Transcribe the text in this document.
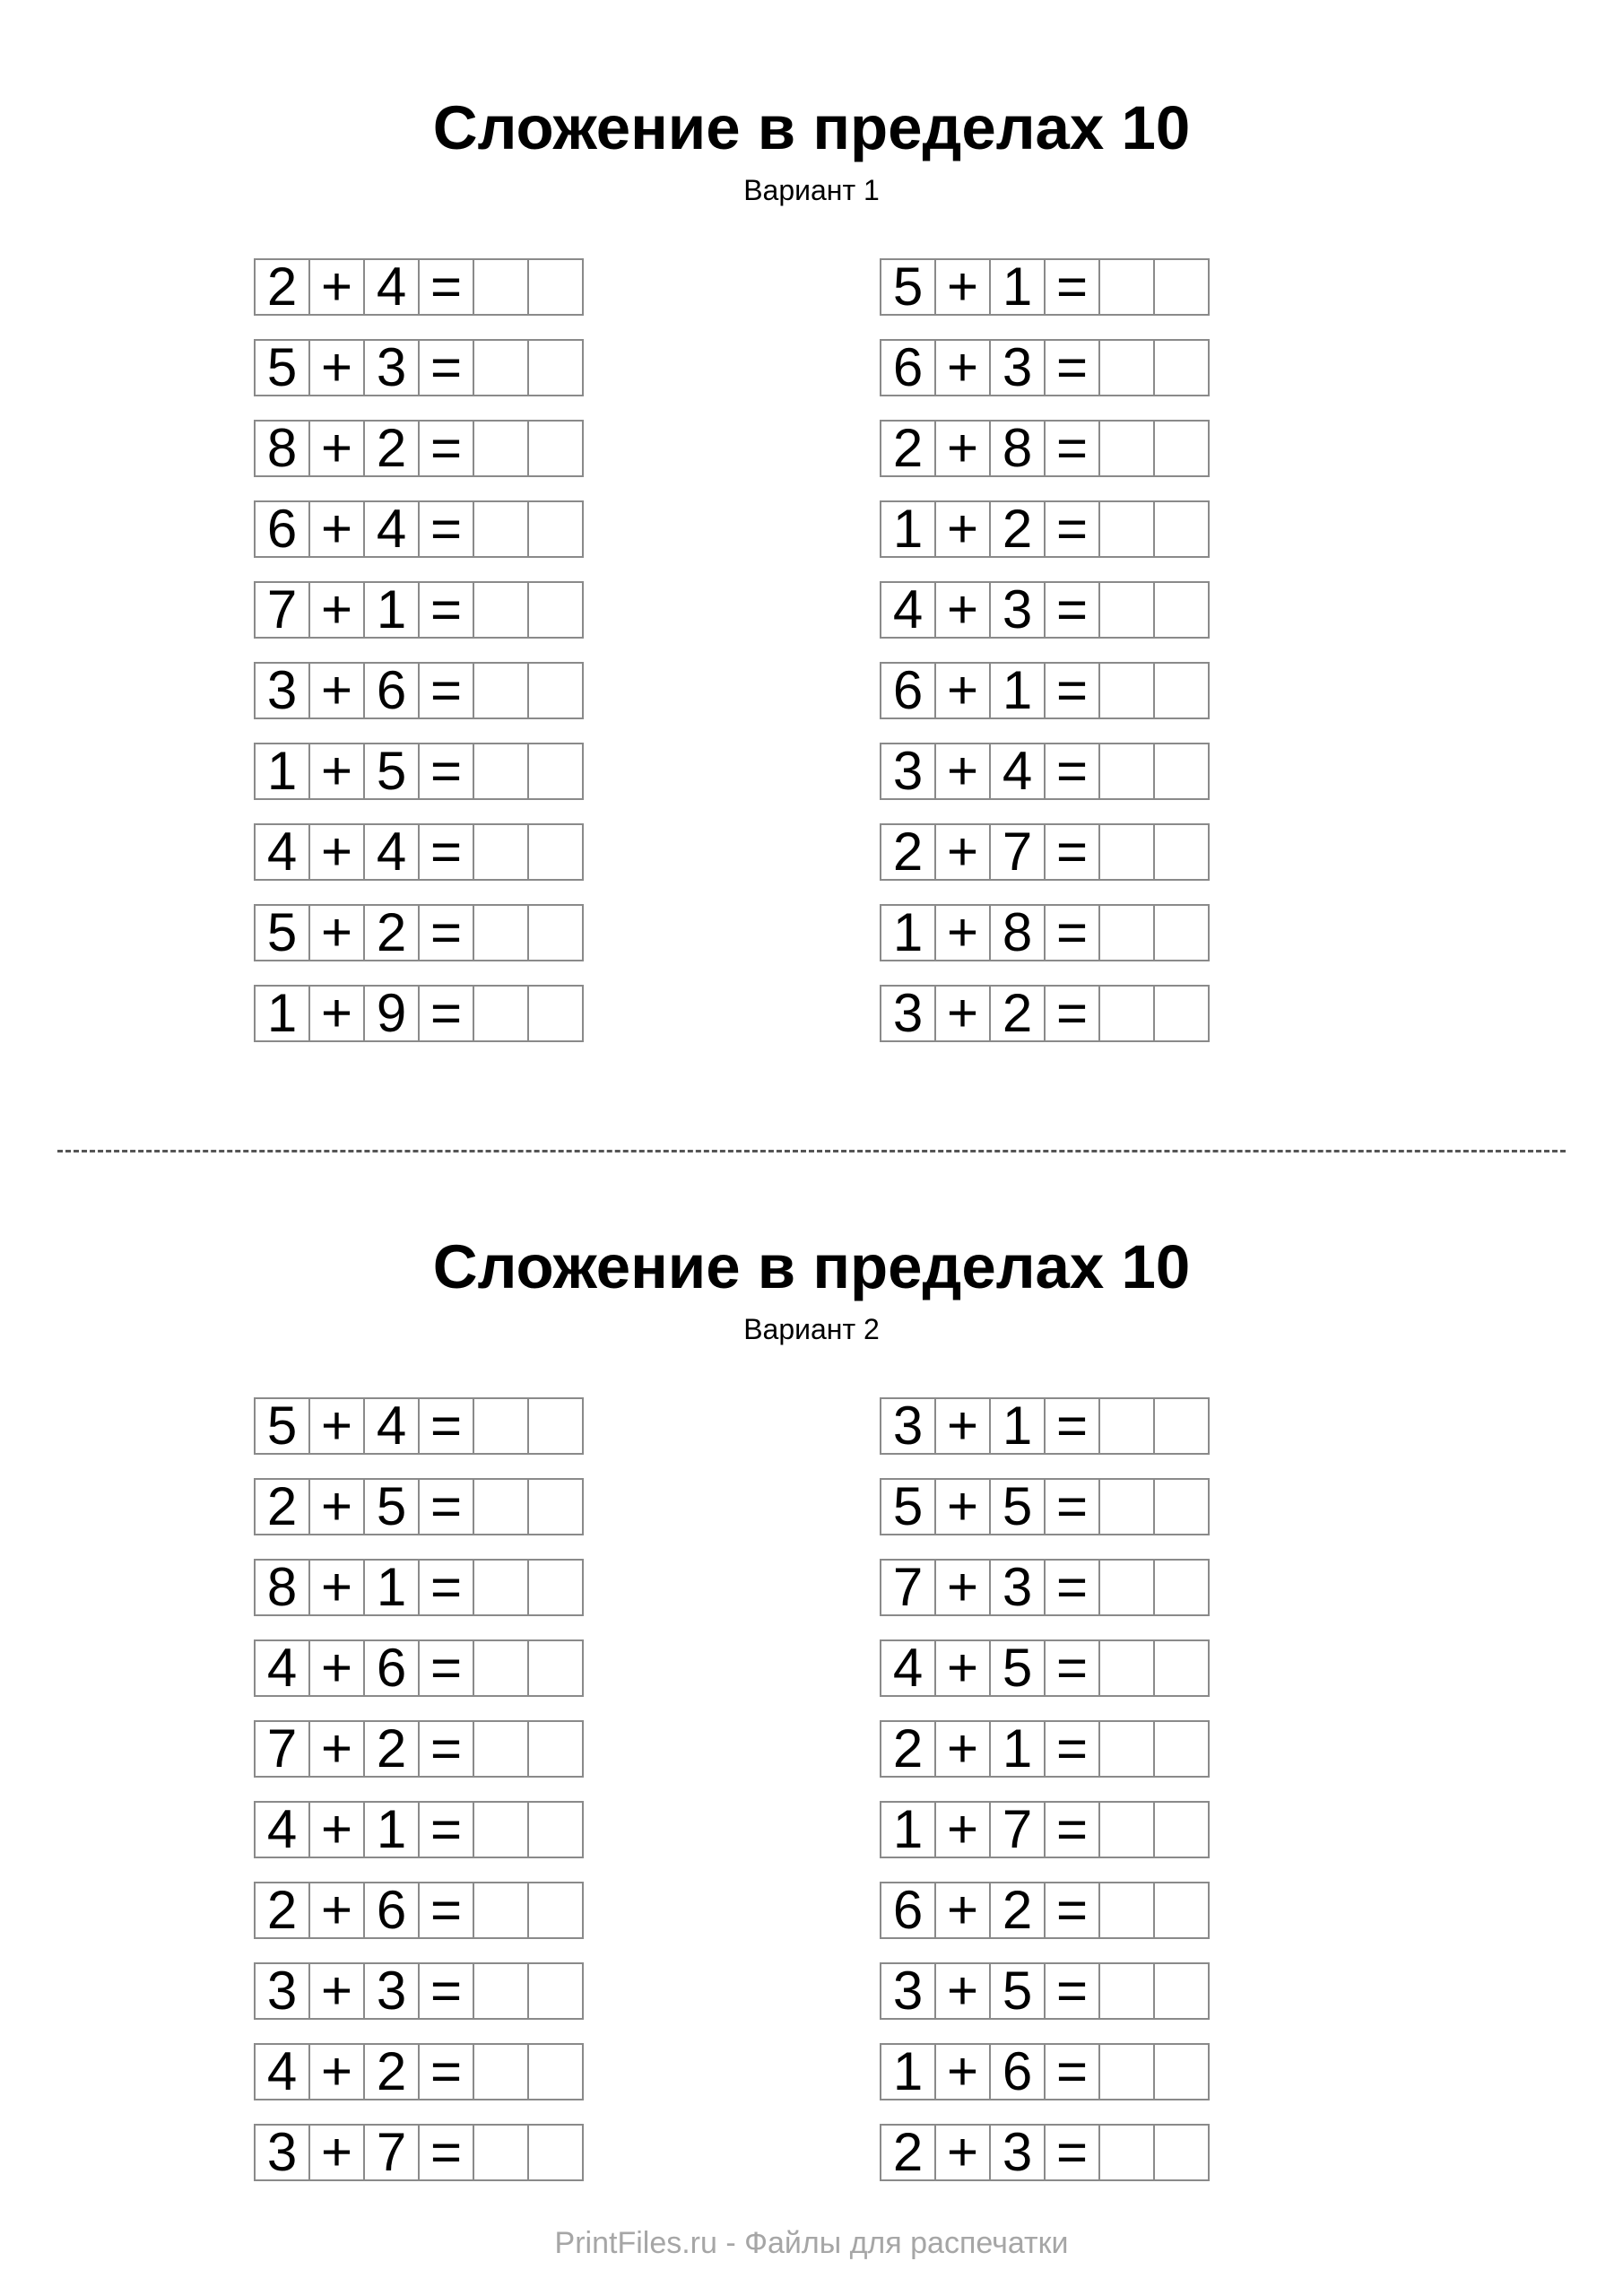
Сложение в пределах 10
Вариант 1
2 + 4 =
5 + 3 =
8 + 2 =
6 + 4 =
7 + 1 =
3 + 6 =
1 + 5 =
4 + 4 =
5 + 2 =
1 + 9 =
5 + 1 =
6 + 3 =
2 + 8 =
1 + 2 =
4 + 3 =
6 + 1 =
3 + 4 =
2 + 7 =
1 + 8 =
3 + 2 =
Сложение в пределах 10
Вариант 2
5 + 4 =
2 + 5 =
8 + 1 =
4 + 6 =
7 + 2 =
4 + 1 =
2 + 6 =
3 + 3 =
4 + 2 =
3 + 7 =
3 + 1 =
5 + 5 =
7 + 3 =
4 + 5 =
2 + 1 =
1 + 7 =
6 + 2 =
3 + 5 =
1 + 6 =
2 + 3 =
PrintFiles.ru - Файлы для распечатки
